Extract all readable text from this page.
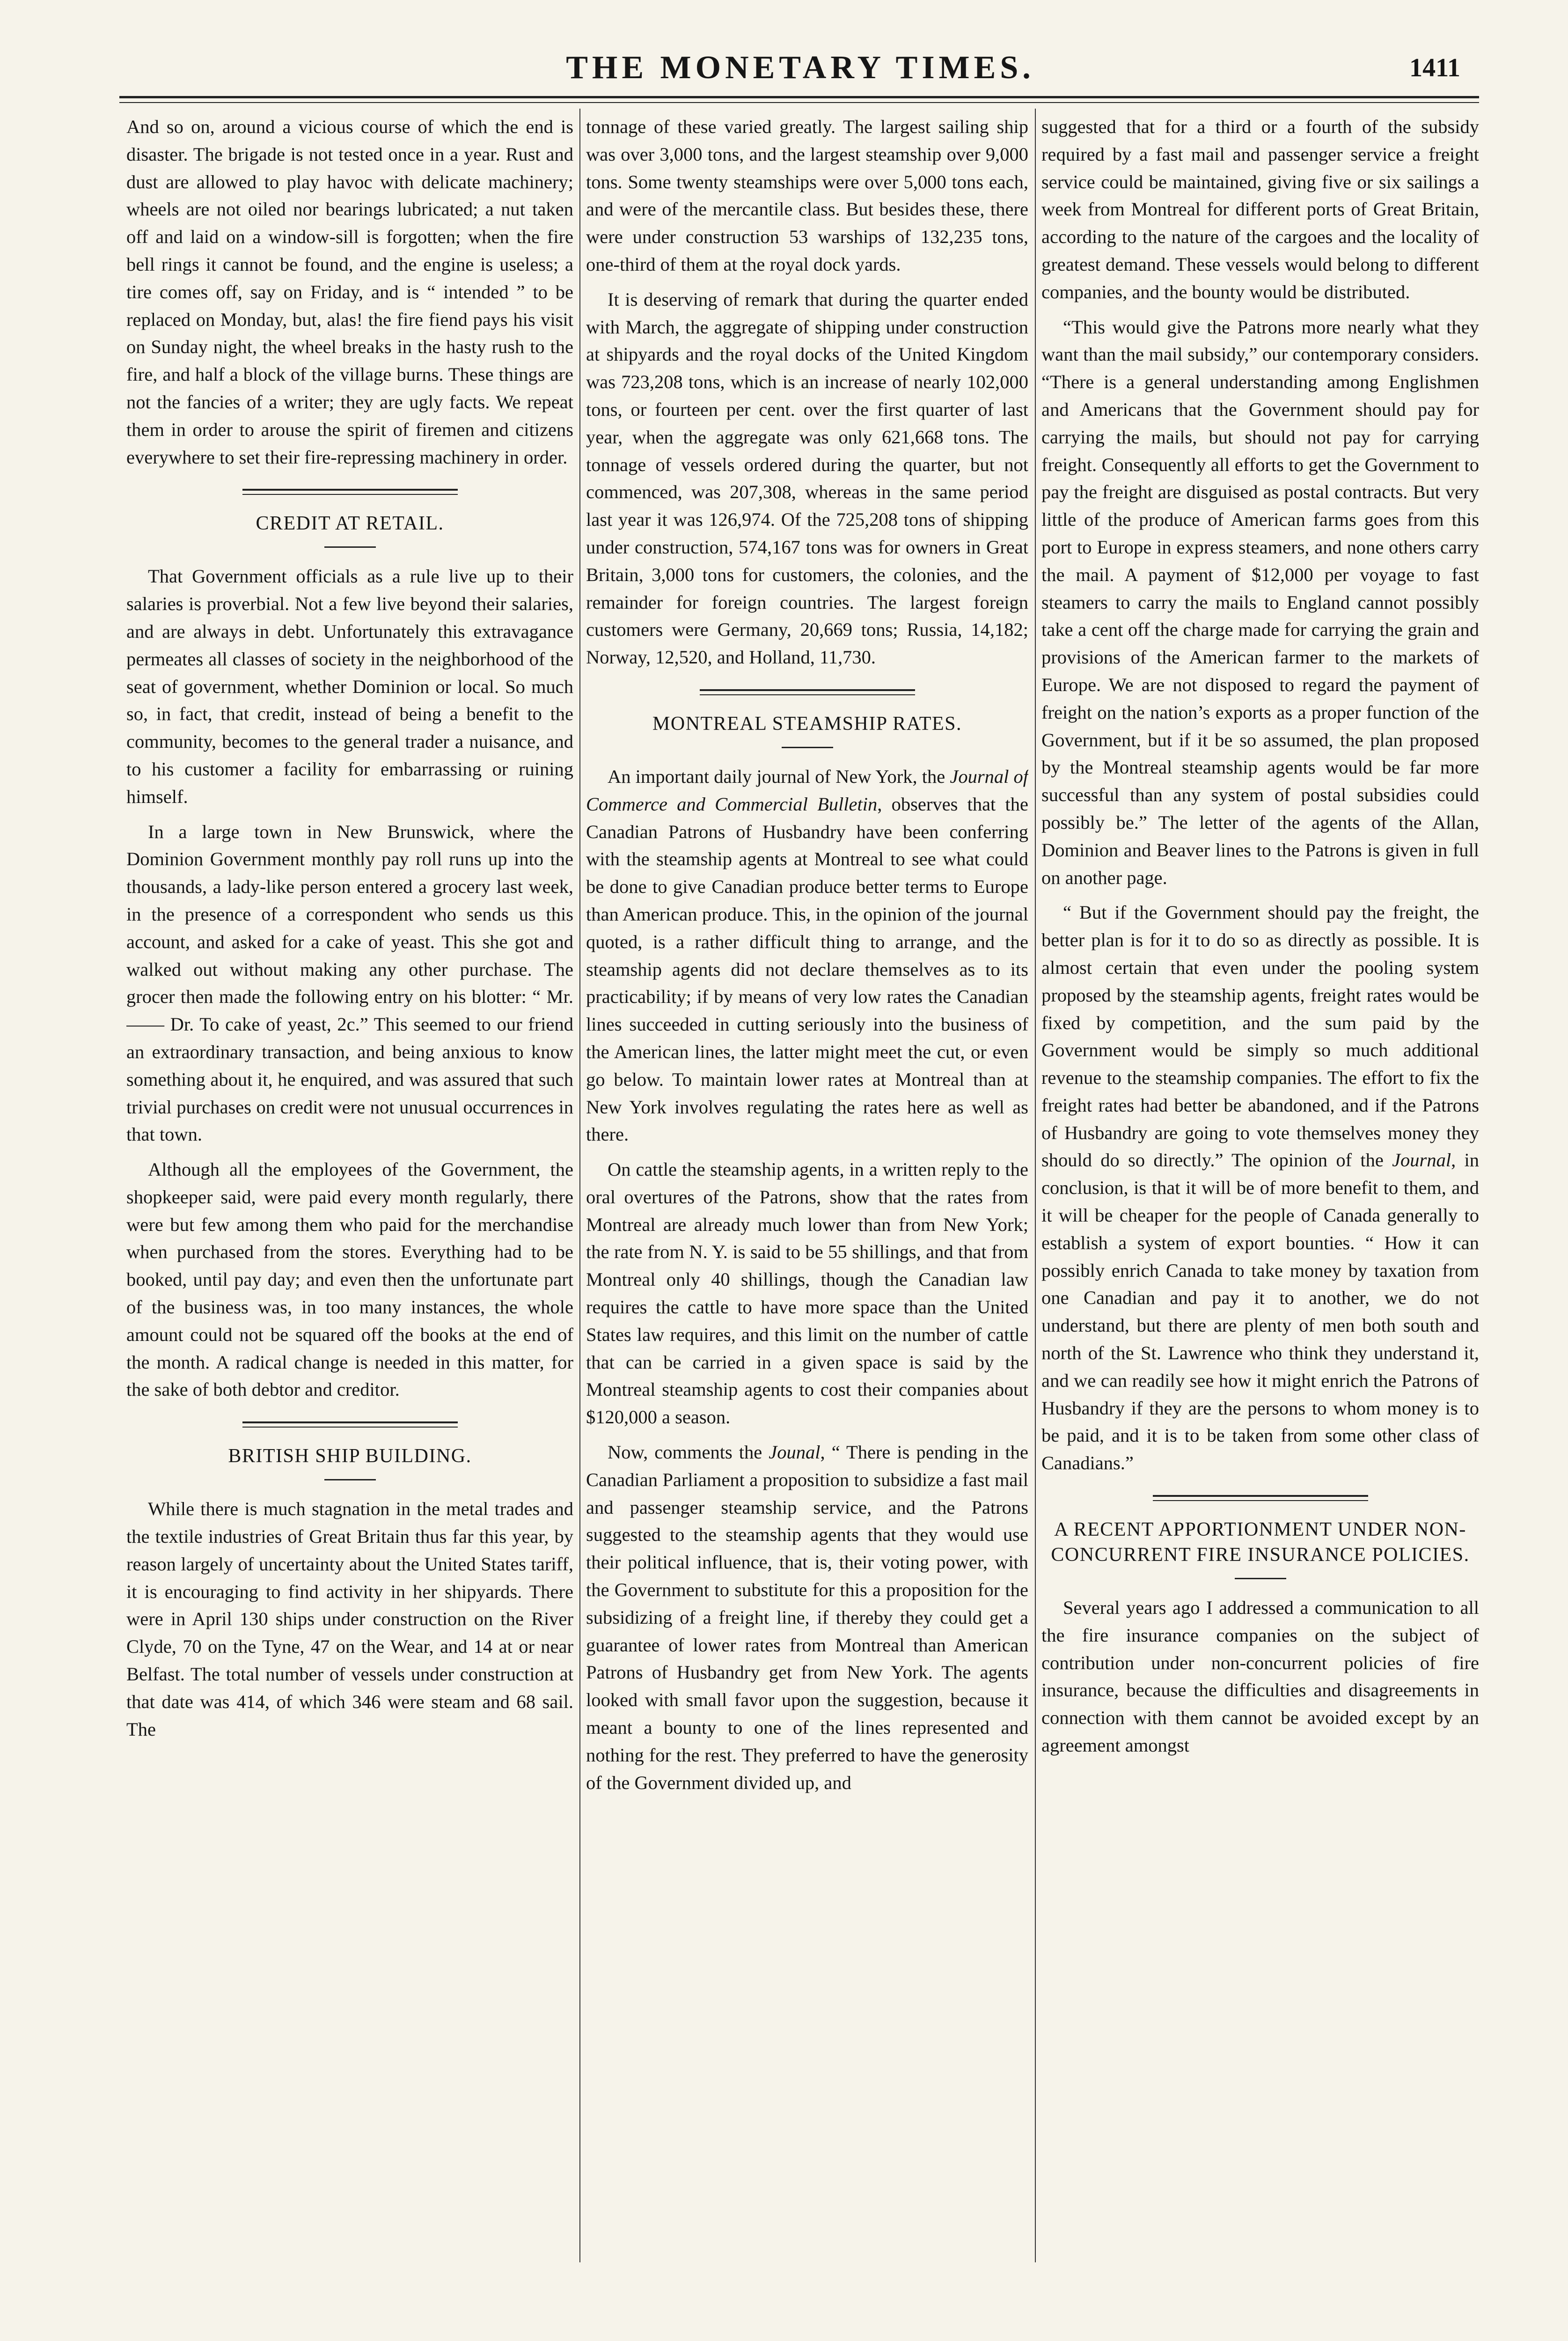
THE MONETARY TIMES.	1411

And so on, around a vicious course of which the end is disaster. The brigade is not tested once in a year. Rust and dust are allowed to play havoc with delicate machinery; wheels are not oiled nor bearings lubricated; a nut taken off and laid on a window-sill is forgotten; when the fire bell rings it cannot be found, and the engine is useless; a tire comes off, say on Friday, and is “ intended ” to be replaced on Monday, but, alas! the fire fiend pays his visit on Sunday night, the wheel breaks in the hasty rush to the fire, and half a block of the village burns. These things are not the fancies of a writer; they are ugly facts. We repeat them in order to arouse the spirit of firemen and citizens everywhere to set their fire-repressing machinery in order.

CREDIT AT RETAIL.

That Government officials as a rule live up to their salaries is proverbial. Not a few live beyond their salaries, and are always in debt. Unfortunately this extravagance permeates all classes of society in the neighborhood of the seat of government, whether Dominion or local. So much so, in fact, that credit, instead of being a benefit to the community, becomes to the general trader a nuisance, and to his customer a facility for embarrassing or ruining himself.

In a large town in New Brunswick, where the Dominion Government monthly pay roll runs up into the thousands, a lady-like person entered a grocery last week, in the presence of a correspondent who sends us this account, and asked for a cake of yeast. This she got and walked out without making any other purchase. The grocer then made the following entry on his blotter: “ Mr. —— Dr. To cake of yeast, 2c.” This seemed to our friend an extraordinary transaction, and being anxious to know something about it, he enquired, and was assured that such trivial purchases on credit were not unusual occurrences in that town.

Although all the employees of the Government, the shopkeeper said, were paid every month regularly, there were but few among them who paid for the merchandise when purchased from the stores. Everything had to be booked, until pay day; and even then the unfortunate part of the business was, in too many instances, the whole amount could not be squared off the books at the end of the month. A radical change is needed in this matter, for the sake of both debtor and creditor.

BRITISH SHIP BUILDING.

While there is much stagnation in the metal trades and the textile industries of Great Britain thus far this year, by reason largely of uncertainty about the United States tariff, it is encouraging to find activity in her shipyards. There were in April 130 ships under construction on the River Clyde, 70 on the Tyne, 47 on the Wear, and 14 at or near Belfast. The total number of vessels under construction at that date was 414, of which 346 were steam and 68 sail. The

tonnage of these varied greatly. The largest sailing ship was over 3,000 tons, and the largest steamship over 9,000 tons. Some twenty steamships were over 5,000 tons each, and were of the mercantile class. But besides these, there were under construction 53 warships of 132,235 tons, one-third of them at the royal dock yards.

It is deserving of remark that during the quarter ended with March, the aggregate of shipping under construction at shipyards and the royal docks of the United Kingdom was 723,208 tons, which is an increase of nearly 102,000 tons, or fourteen per cent. over the first quarter of last year, when the aggregate was only 621,668 tons. The tonnage of vessels ordered during the quarter, but not commenced, was 207,308, whereas in the same period last year it was 126,974. Of the 725,208 tons of shipping under construction, 574,167 tons was for owners in Great Britain, 3,000 tons for customers, the colonies, and the remainder for foreign countries. The largest foreign customers were Germany, 20,669 tons; Russia, 14,182; Norway, 12,520, and Holland, 11,730.

MONTREAL STEAMSHIP RATES.

An important daily journal of New York, the Journal of Commerce and Commercial Bulletin, observes that the Canadian Patrons of Husbandry have been conferring with the steamship agents at Montreal to see what could be done to give Canadian produce better terms to Europe than American produce. This, in the opinion of the journal quoted, is a rather difficult thing to arrange, and the steamship agents did not declare themselves as to its practicability; if by means of very low rates the Canadian lines succeeded in cutting seriously into the business of the American lines, the latter might meet the cut, or even go below. To maintain lower rates at Montreal than at New York involves regulating the rates here as well as there.

On cattle the steamship agents, in a written reply to the oral overtures of the Patrons, show that the rates from Montreal are already much lower than from New York; the rate from N. Y. is said to be 55 shillings, and that from Montreal only 40 shillings, though the Canadian law requires the cattle to have more space than the United States law requires, and this limit on the number of cattle that can be carried in a given space is said by the Montreal steamship agents to cost their companies about $120,000 a season.

Now, comments the Jounal, “ There is pending in the Canadian Parliament a proposition to subsidize a fast mail and passenger steamship service, and the Patrons suggested to the steamship agents that they would use their political influence, that is, their voting power, with the Government to substitute for this a proposition for the subsidizing of a freight line, if thereby they could get a guarantee of lower rates from Montreal than American Patrons of Husbandry get from New York. The agents looked with small favor upon the suggestion, because it meant a bounty to one of the lines represented and nothing for the rest. They preferred to have the generosity of the Government divided up, and

suggested that for a third or a fourth of the subsidy required by a fast mail and passenger service a freight service could be maintained, giving five or six sailings a week from Montreal for different ports of Great Britain, according to the nature of the cargoes and the locality of greatest demand. These vessels would belong to different companies, and the bounty would be distributed.

“This would give the Patrons more nearly what they want than the mail subsidy,” our contemporary considers. “There is a general understanding among Englishmen and Americans that the Government should pay for carrying the mails, but should not pay for carrying freight. Consequently all efforts to get the Government to pay the freight are disguised as postal contracts. But very little of the produce of American farms goes from this port to Europe in express steamers, and none others carry the mail. A payment of $12,000 per voyage to fast steamers to carry the mails to England cannot possibly take a cent off the charge made for carrying the grain and provisions of the American farmer to the markets of Europe. We are not disposed to regard the payment of freight on the nation’s exports as a proper function of the Government, but if it be so assumed, the plan proposed by the Montreal steamship agents would be far more successful than any system of postal subsidies could possibly be.” The letter of the agents of the Allan, Dominion and Beaver lines to the Patrons is given in full on another page.

“ But if the Government should pay the freight, the better plan is for it to do so as directly as possible. It is almost certain that even under the pooling system proposed by the steamship agents, freight rates would be fixed by competition, and the sum paid by the Government would be simply so much additional revenue to the steamship companies. The effort to fix the freight rates had better be abandoned, and if the Patrons of Husbandry are going to vote themselves money they should do so directly.” The opinion of the Journal, in conclusion, is that it will be of more benefit to them, and it will be cheaper for the people of Canada generally to establish a system of export bounties. “ How it can possibly enrich Canada to take money by taxation from one Canadian and pay it to another, we do not understand, but there are plenty of men both south and north of the St. Lawrence who think they understand it, and we can readily see how it might enrich the Patrons of Husbandry if they are the persons to whom money is to be paid, and it is to be taken from some other class of Canadians.”

A RECENT APPORTIONMENT UNDER NON-CONCURRENT FIRE INSURANCE POLICIES.

Several years ago I addressed a communication to all the fire insurance companies on the subject of contribution under non-concurrent policies of fire insurance, because the difficulties and disagreements in connection with them cannot be avoided except by an agreement amongst
